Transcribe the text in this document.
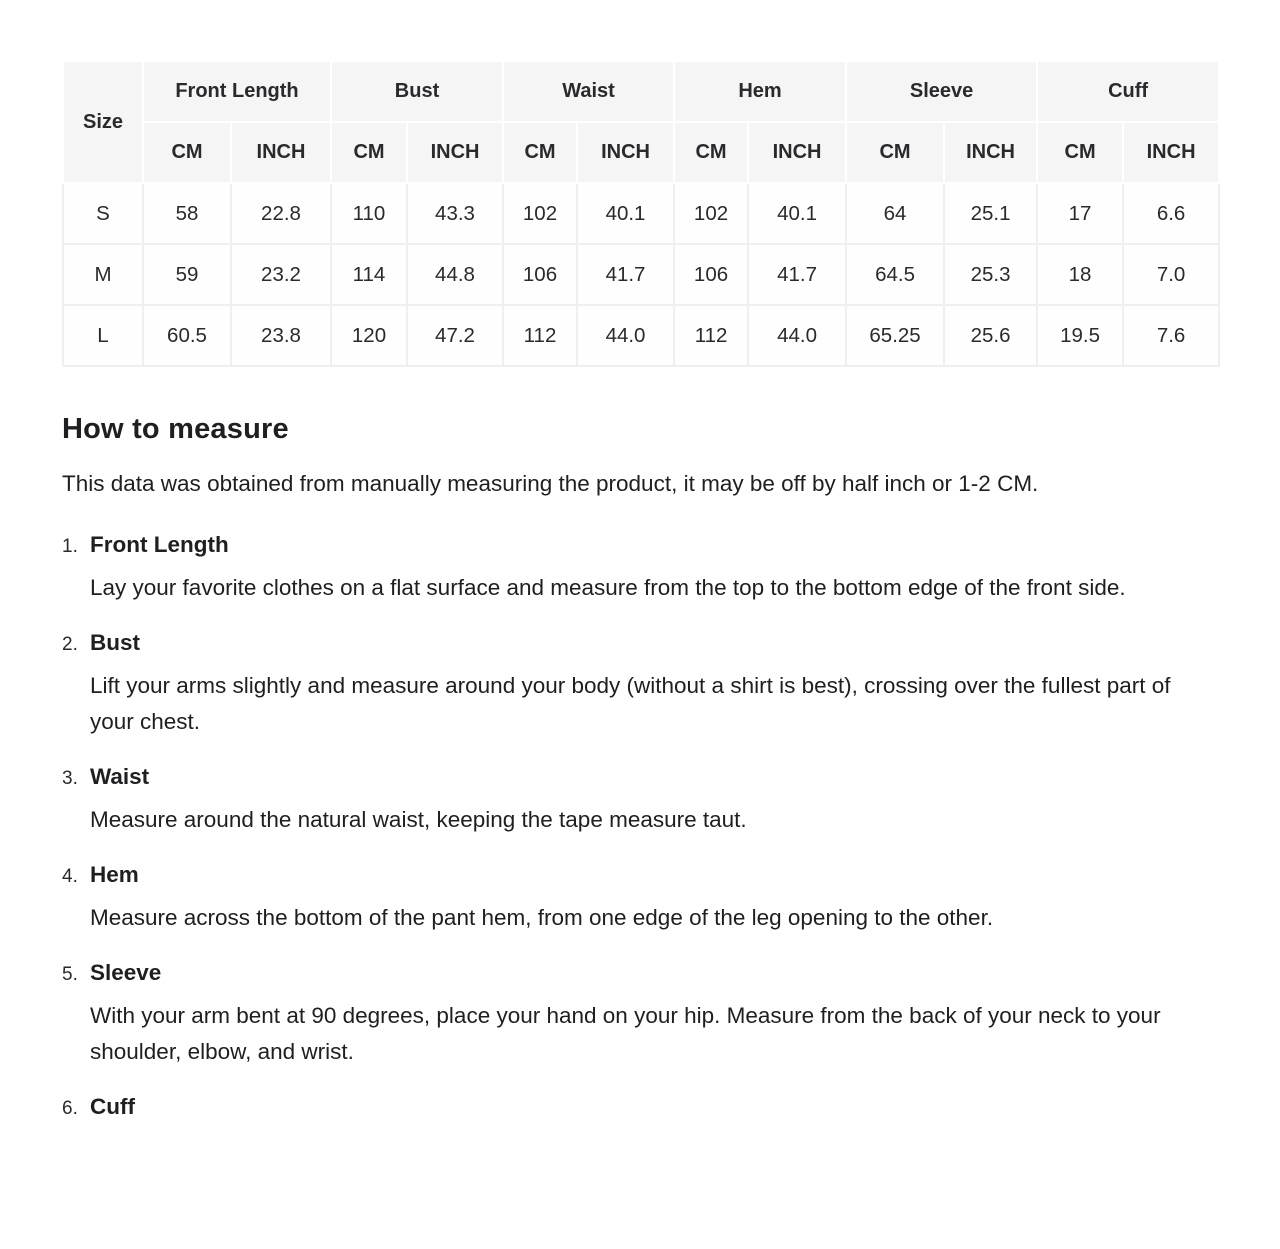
Size	Front Length		Bust		Waist		Hem		Sleeve		Cuff	
	CM	INCH	CM	INCH	CM	INCH	CM	INCH	CM	INCH	CM	INCH
S	58	22.8	110	43.3	102	40.1	102	40.1	64	25.1	17	6.6
M	59	23.2	114	44.8	106	41.7	106	41.7	64.5	25.3	18	7.0
L	60.5	23.8	120	47.2	112	44.0	112	44.0	65.25	25.6	19.5	7.6
How to measure

This data was obtained from manually measuring the product, it may be off by half inch or 1-2 CM.

1. Front Length

Lay your favorite clothes on a flat surface and measure from the top to the bottom edge of the front side.

2. Bust

Lift your arms slightly and measure around your body (without a shirt is best), crossing over the fullest part of your chest.

3. Waist

Measure around the natural waist, keeping the tape measure taut.

4. Hem

Measure across the bottom of the pant hem, from one edge of the leg opening to the other.

5. Sleeve

With your arm bent at 90 degrees, place your hand on your hip. Measure from the back of your neck to your shoulder, elbow, and wrist.

6. Cuff
